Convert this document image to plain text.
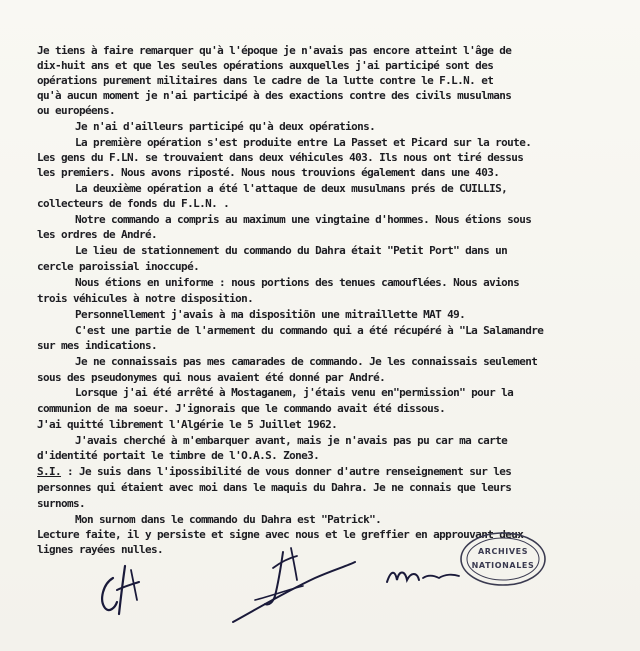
Je tiens à faire remarquer qu'à l'époque je n'avais pas encore atteint l'âge de

dix-huit ans et que les seules opérations auxquelles j'ai participé sont des

opérations purement militaires dans le cadre de la lutte contre le F.L.N. et

qu'à aucun moment je n'ai participé à des exactions contre des civils musulmans

ou européens.

Je n'ai d'ailleurs participé qu'à deux opérations.

La première opération s'est produite entre La Passet et Picard sur la route.

Les gens du F.LN. se trouvaient dans deux véhicules 403. Ils nous ont tiré dessus

les premiers. Nous avons riposté. Nous nous trouvions également dans une 403.

La deuxième opération a été l'attaque de deux musulmans prés de CUILLIS,

collecteurs de fonds du F.L.N. .

Notre commando a compris au maximum une vingtaine d'hommes. Nous étions sous

les ordres de André.

Le lieu de stationnement du commando du Dahra était "Petit Port" dans un

cercle paroissial inoccupé.

Nous étions en uniforme : nous portions des tenues camouflées. Nous avions

trois véhicules à notre disposition.

Personnellement j'avais à ma dispositiõn une mitraillette MAT 49.

C'est une partie de l'armement du commando qui a été récupéré à "La Salamandre

sur mes indications.

Je ne connaissais pas mes camarades de commando. Je les connaissais seulement

sous des pseudonymes qui nous avaient été donné par André.

Lorsque j'ai été arrêté à Mostaganem, j'étais venu en"permission" pour la

communion de ma soeur. J'ignorais que le commando avait été dissous.

J'ai quitté librement l'Algérie le 5 Juillet 1962.

J'avais cherché à m'embarquer avant, mais je n'avais pas pu car ma carte

d'identité portait le timbre de l'O.A.S. Zone3.

S.I. : Je suis dans l'ipossibilité de vous donner d'autre renseignement sur les

personnes qui étaient avec moi dans le maquis du Dahra. Je ne connais que leurs

surnoms.

Mon surnom dans le commando du Dahra est "Patrick".

Lecture faite, il y persiste et signe avec nous et le greffier en approuvant deux

lignes rayées nulles.	ARCHIVES
NATIONALES
